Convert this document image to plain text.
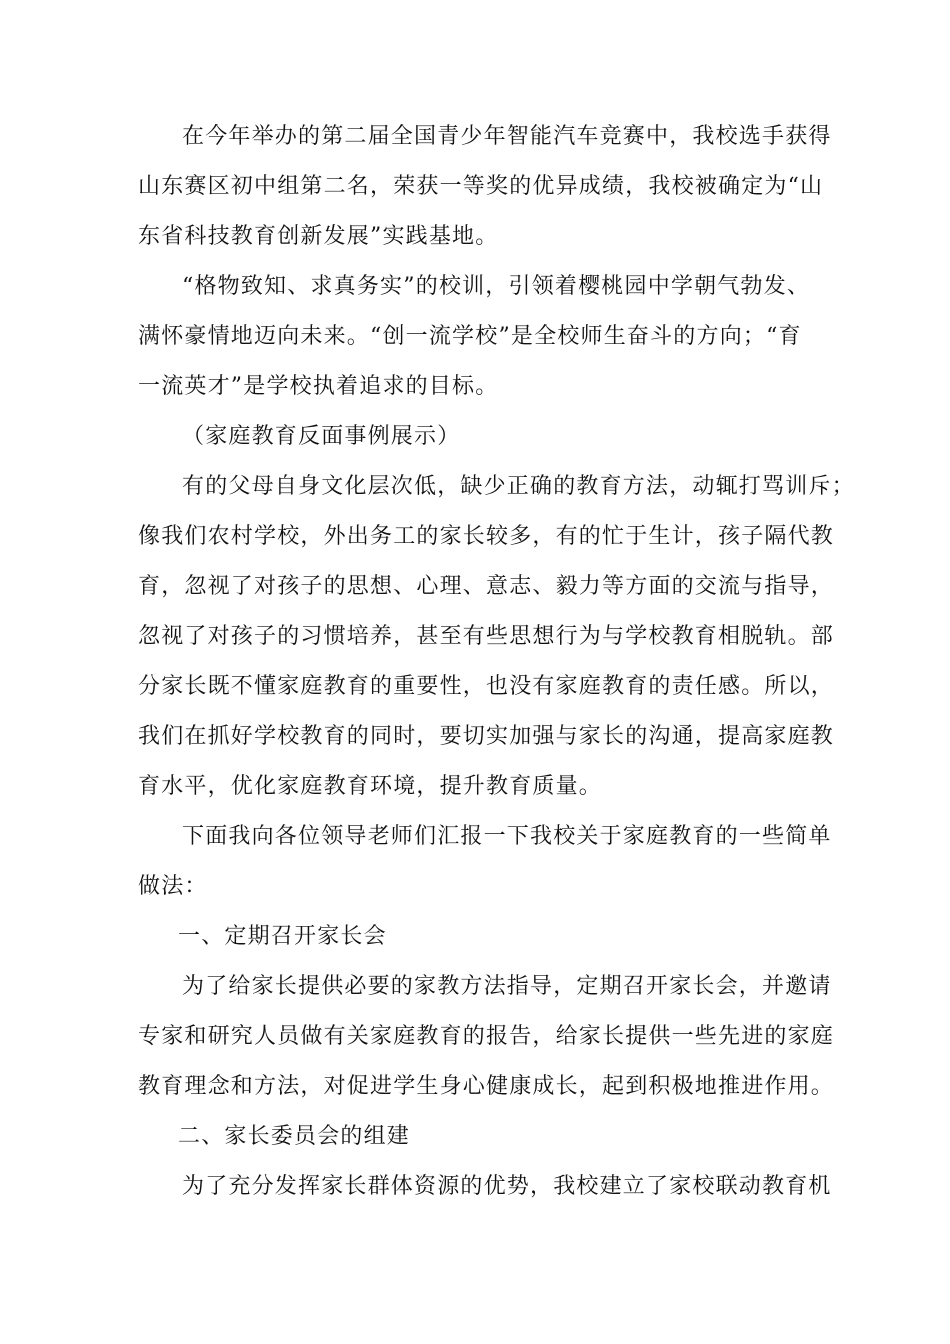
在今年举办的第二届全国青少年智能汽车竞赛中，我校选手获得
山东赛区初中组第二名，荣获一等奖的优异成绩，我校被确定为“山
东省科技教育创新发展”实践基地。
“格物致知、求真务实”的校训，引领着樱桃园中学朝气勃发、
满怀豪情地迈向未来。“创一流学校”是全校师生奋斗的方向；“育
一流英才”是学校执着追求的目标。
（家庭教育反面事例展示）
有的父母自身文化层次低，缺少正确的教育方法，动辄打骂训斥；
像我们农村学校，外出务工的家长较多，有的忙于生计，孩子隔代教
育，忽视了对孩子的思想、心理、意志、毅力等方面的交流与指导，
忽视了对孩子的习惯培养，甚至有些思想行为与学校教育相脱轨。部
分家长既不懂家庭教育的重要性，也没有家庭教育的责任感。所以，
我们在抓好学校教育的同时，要切实加强与家长的沟通，提高家庭教
育水平，优化家庭教育环境，提升教育质量。
下面我向各位领导老师们汇报一下我校关于家庭教育的一些简单
做法：
一、定期召开家长会
为了给家长提供必要的家教方法指导，定期召开家长会，并邀请
专家和研究人员做有关家庭教育的报告，给家长提供一些先进的家庭
教育理念和方法，对促进学生身心健康成长，起到积极地推进作用。
二、家长委员会的组建
为了充分发挥家长群体资源的优势，我校建立了家校联动教育机
